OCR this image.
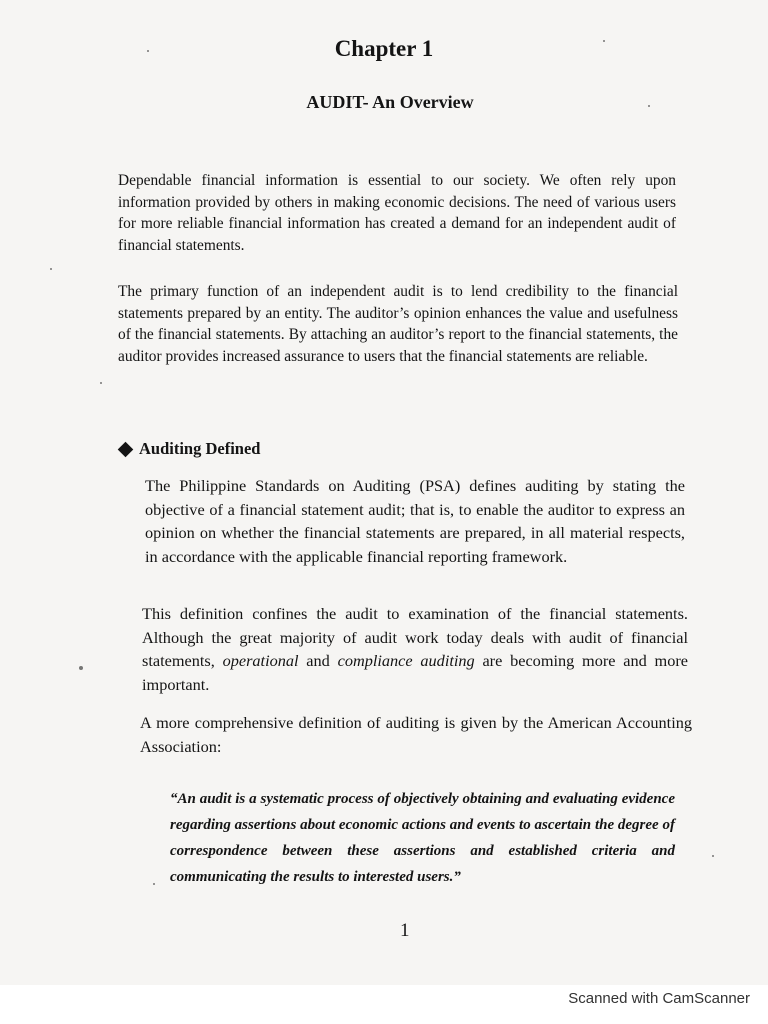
Chapter 1
AUDIT- An Overview

Dependable financial information is essential to our society. We often rely upon information provided by others in making economic decisions. The need of various users for more reliable financial information has created a demand for an independent audit of financial statements.

The primary function of an independent audit is to lend credibility to the financial statements prepared by an entity. The auditor’s opinion enhances the value and usefulness of the financial statements. By attaching an auditor’s report to the financial statements, the auditor provides increased assurance to users that the financial statements are reliable.

Auditing Defined

The Philippine Standards on Auditing (PSA) defines auditing by stating the objective of a financial statement audit; that is, to enable the auditor to express an opinion on whether the financial statements are prepared, in all material respects, in accordance with the applicable financial reporting framework.

This definition confines the audit to examination of the financial statements. Although the great majority of audit work today deals with audit of financial statements, operational and compliance auditing are becoming more and more important.

A more comprehensive definition of auditing is given by the American Accounting Association:

“An audit is a systematic process of objectively obtaining and evaluating evidence regarding assertions about economic actions and events to ascertain the degree of correspondence between these assertions and established criteria and communicating the results to interested users.”

1
Scanned with CamScanner
